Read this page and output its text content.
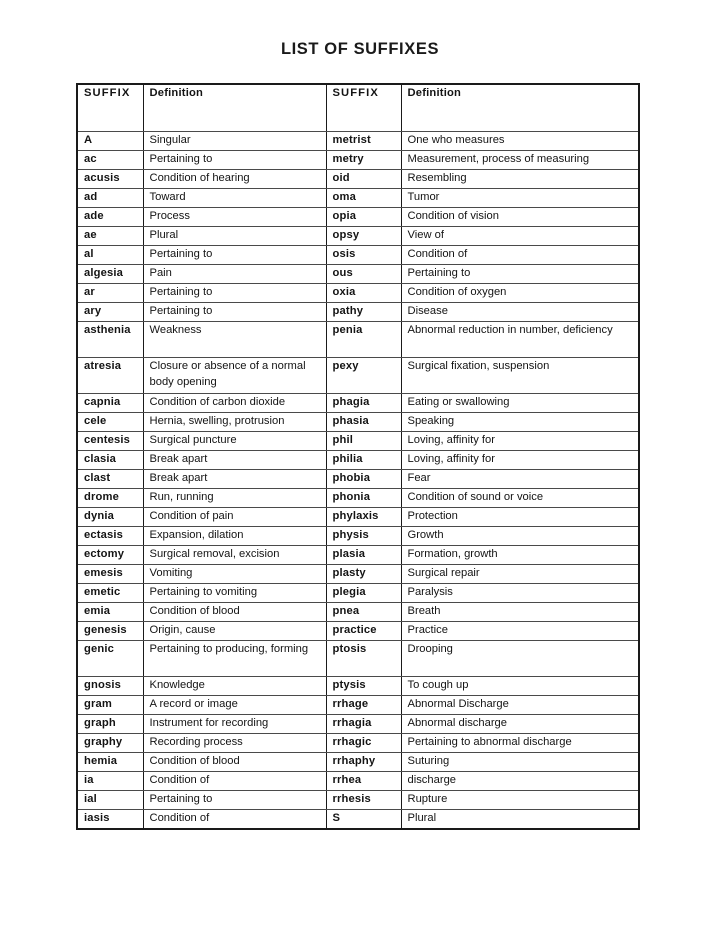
LIST OF SUFFIXES
SUFFIX	Definition	SUFFIX	Definition
A	Singular	metrist	One who measures
ac	Pertaining to	metry	Measurement, process of measuring
acusis	Condition of hearing	oid	Resembling
ad	Toward	oma	Tumor
ade	Process	opia	Condition of vision
ae	Plural	opsy	View of
al	Pertaining to	osis	Condition of
algesia	Pain	ous	Pertaining to
ar	Pertaining to	oxia	Condition of oxygen
ary	Pertaining to	pathy	Disease
asthenia	Weakness	penia	Abnormal reduction in number, deficiency
atresia	Closure or absence of a normal body opening	pexy	Surgical fixation, suspension
capnia	Condition of carbon dioxide	phagia	Eating or swallowing
cele	Hernia, swelling, protrusion	phasia	Speaking
centesis	Surgical puncture	phil	Loving, affinity for
clasia	Break apart	philia	Loving, affinity for
clast	Break apart	phobia	Fear
drome	Run, running	phonia	Condition of sound or voice
dynia	Condition of pain	phylaxis	Protection
ectasis	Expansion, dilation	physis	Growth
ectomy	Surgical removal, excision	plasia	Formation, growth
emesis	Vomiting	plasty	Surgical repair
emetic	Pertaining to vomiting	plegia	Paralysis
emia	Condition of blood	pnea	Breath
genesis	Origin, cause	practice	Practice
genic	Pertaining to producing, forming	ptosis	Drooping
gnosis	Knowledge	ptysis	To cough up
gram	A record or image	rrhage	Abnormal Discharge
graph	Instrument for recording	rrhagia	Abnormal discharge
graphy	Recording process	rrhagic	Pertaining to abnormal discharge
hemia	Condition of blood	rrhaphy	Suturing
ia	Condition of	rrhea	discharge
ial	Pertaining to	rrhesis	Rupture
iasis	Condition of	S	Plural
